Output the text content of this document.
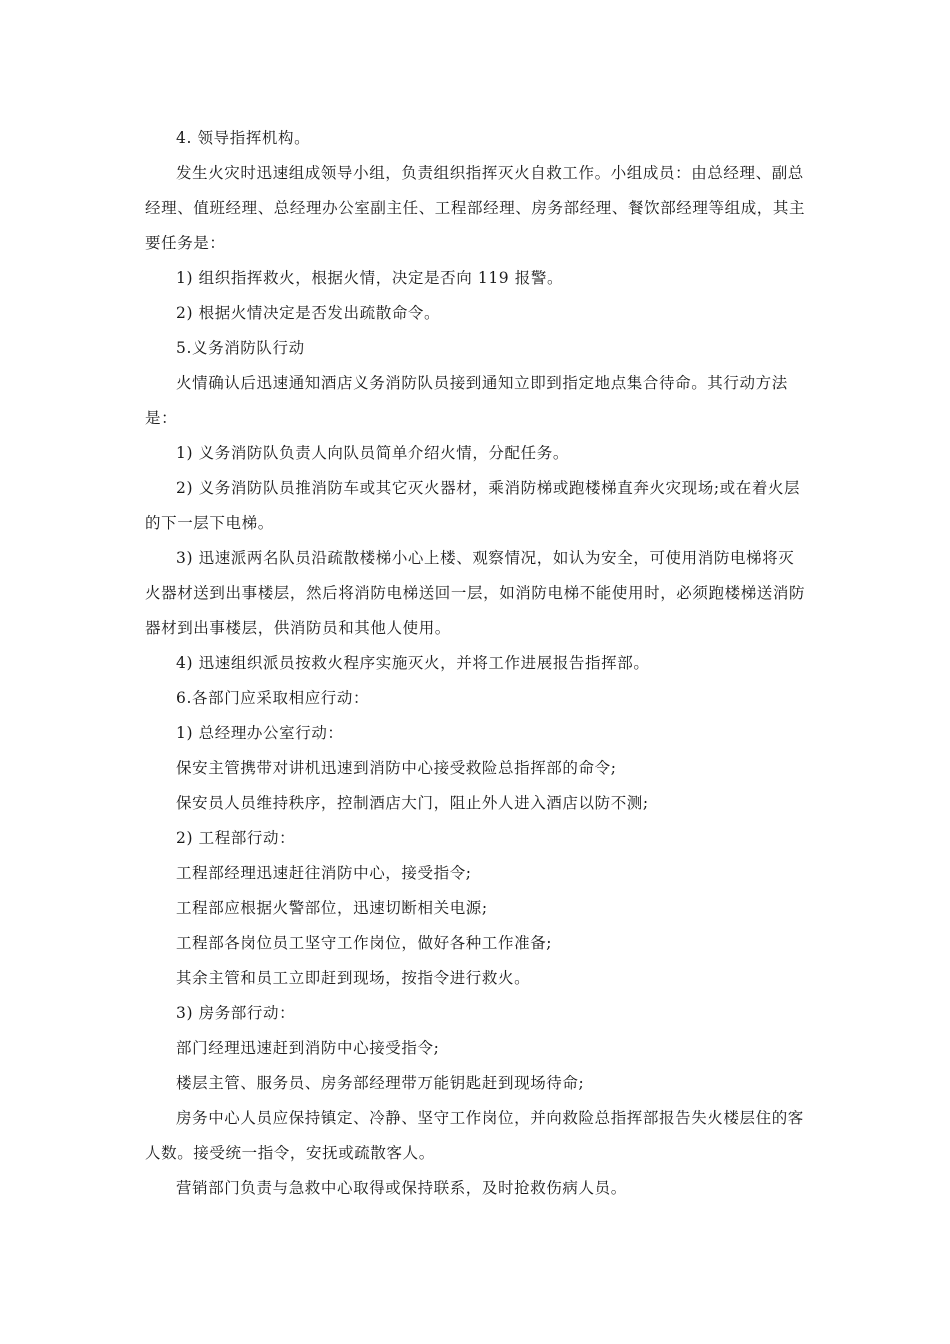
4. 领导指挥机构。

发生火灾时迅速组成领导小组，负责组织指挥灭火自救工作。小组成员：由总经理、副总经理、值班经理、总经理办公室副主任、工程部经理、房务部经理、餐饮部经理等组成，其主要任务是：

1) 组织指挥救火，根据火情，决定是否向 119 报警。

2) 根据火情决定是否发出疏散命令。

5.义务消防队行动

火情确认后迅速通知酒店义务消防队员接到通知立即到指定地点集合待命。其行动方法是：

1) 义务消防队负责人向队员简单介绍火情，分配任务。

2) 义务消防队员推消防车或其它灭火器材，乘消防梯或跑楼梯直奔火灾现场;或在着火层的下一层下电梯。

3) 迅速派两名队员沿疏散楼梯小心上楼、观察情况，如认为安全，可使用消防电梯将灭火器材送到出事楼层，然后将消防电梯送回一层，如消防电梯不能使用时，必须跑楼梯送消防器材到出事楼层，供消防员和其他人使用。

4) 迅速组织派员按救火程序实施灭火，并将工作进展报告指挥部。

6.各部门应采取相应行动：

1) 总经理办公室行动：

保安主管携带对讲机迅速到消防中心接受救险总指挥部的命令;

保安员人员维持秩序，控制酒店大门，阻止外人进入酒店以防不测;

2) 工程部行动：

工程部经理迅速赶往消防中心，接受指令;

工程部应根据火警部位，迅速切断相关电源;

工程部各岗位员工坚守工作岗位，做好各种工作准备;

其余主管和员工立即赶到现场，按指令进行救火。

3) 房务部行动：

部门经理迅速赶到消防中心接受指令;

楼层主管、服务员、房务部经理带万能钥匙赶到现场待命;

房务中心人员应保持镇定、冷静、坚守工作岗位，并向救险总指挥部报告失火楼层住的客人数。接受统一指令，安抚或疏散客人。

营销部门负责与急救中心取得或保持联系，及时抢救伤病人员。
